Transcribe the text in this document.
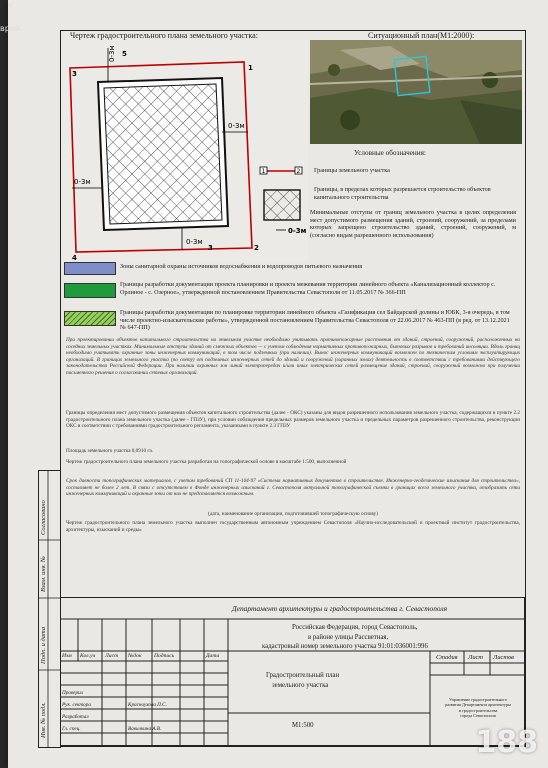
т
врой
Чертеж градостроительного плана земельного участка:	Ситуационный план(М1:2000):
0-3м
0-3м
0-3м
0-3м
3
1
2
4
3
5
Условные обозначения:
1	2
0-3м
Границы земельного участка
Границы, в пределах которых разрешается строительство объектов капитального строительства
Минимальные отступы от границ земельного участка в целях определения мест допустимого размещения зданий, строений, сооружений, за пределами которых запрещено строительство зданий, строений, сооружений, м (согласно видам разрешенного использования)
Зоны санитарной охраны источников водоснабжения и водопроводов питьевого назначения
Границы разработки документации проекта планировки и проекта межевания территории линейного объекта «Канализационный коллектор с. Орлиное - с. Озерное», утвержденной постановлением Правительства Севастополя от 11.05.2017 № 366-ПП
Границы разработки документации по планировке территории линейного объекта «Газификация сел Байдарской долины и ЮБК, 3-я очередь, в том числе проектно-изыскательские работы», утвержденной постановлением Правительства Севастополя от 22.06.2017 № 463-ПП (в ред. от 13.12.2021 № 647-ПП)
При проектировании объектов капитального строительства на земельном участке необходимо учитывать противопожарные расстояния от зданий, строений, сооружений, расположенных на соседних земельных участках. Минимальные отступы зданий от смежных объектов — с учетом соблюдения нормативных противопожарных, бытовых разрывов и требований инсоляции. Вдоль границ необходимо учитывать охранные зоны инженерных коммуникаций, в том числе подземных (при наличии). Вынос инженерных коммуникаций возможен по техническим условиям эксплуатирующих организаций. В границах земельного участка (по свету) от подземных инженерных сетей до зданий и сооружений (охранных зонах) деятельность в соответствии с требованиями действующего законодательства Российской Федерации. При наличии охранных зон линий электропередач и/или иных электрических сетей размещение зданий, строений, сооружений возможно при получении письменного решения о согласовании сетевых организаций.
Границы определения мест допустимого размещения объектов капитального строительства (далее - ОКС) указаны для видов разрешенного использования земельного участка, содержащихся в пункте 2.2 градостроительного плана земельного участка (далее - ГПЗУ), при условии соблюдения предельных размеров земельного участка и предельных параметров разрешенного строительства, реконструкции ОКС в соответствии с требованиями градостроительного регламента, указанными в пункте 2.3 ГПЗУ
Площадь земельного участка 0,0910 га.
Чертеж градостроительного плана земельного участка разработан на топографической основе в масштабе 1:500, выполненной
Срок давности топографических материалов, с учетом требований СП 11-104-97 «Система нормативных документов в строительстве. Инженерно-геодезические изыскания для строительства», составляет не более 2 лет. В связи с отсутствием в Фонде инженерных изысканий г. Севастополя актуальной топографической съемки в границах всего земельного участка, отобразить сети инженерных коммуникаций и охранные зоны от них не представляется возможным.
(дата, наименование организации, подготовившей топографическую основу)
Чертеж градостроительного плана земельного участка выполнен государственным автономным учреждением Севастополя «Научно-исследовательский и проектный институт градостроительства, архитектуры, изысканий и среды»
Согласовано
Взам. инв. №
Подп. и дата
Инв. № подл.
Департамент архитектуры и градостроительства г. Севастополя
Российская Федерация, город Севастополь,
в районе улицы Рассветная,
кадастровый номер земельного участка 91:01:036001:996
Изм Кол.уч Лист №док Подпись	Дата
Проверил
Рук. сектора	Красноухова П.С.
Разработал
Гл. спец.	Вавилкина А.В.
Стадия Лист Листов
Градостроительный план
земельного участка
М1:500
Управление градостроительного
развития Департамента архитектуры
и градостроительства
города Севастополя
188
